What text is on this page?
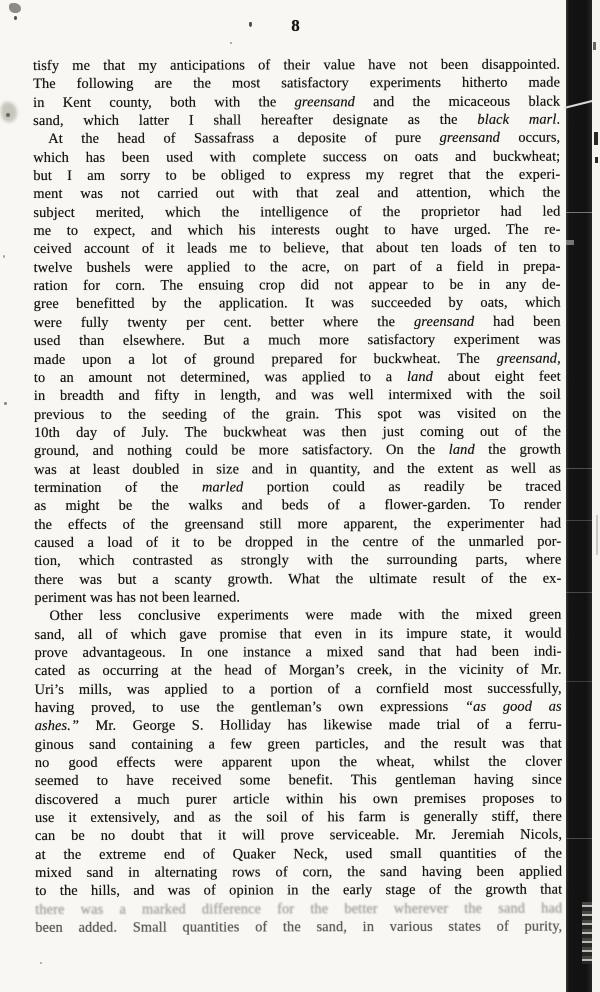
8
tisfy me that my anticipations of their value have not been disappointed.
The following are the most satisfactory experiments hitherto made
in Kent county, both with the greensand and the micaceous black
sand, which latter I shall hereafter designate as the black marl.
At the head of Sassafrass a deposite of pure greensand occurs,
which has been used with complete success on oats and buckwheat;
but I am sorry to be obliged to express my regret that the experi-
ment was not carried out with that zeal and attention, which the
subject merited, which the intelligence of the proprietor had led
me to expect, and which his interests ought to have urged. The re-
ceived account of it leads me to believe, that about ten loads of ten to
twelve bushels were applied to the acre, on part of a field in prepa-
ration for corn. The ensuing crop did not appear to be in any de-
gree benefitted by the application. It was succeeded by oats, which
were fully twenty per cent. better where the greensand had been
used than elsewhere. But a much more satisfactory experiment was
made upon a lot of ground prepared for buckwheat. The greensand,
to an amount not determined, was applied to a land about eight feet
in breadth and fifty in length, and was well intermixed with the soil
previous to the seeding of the grain. This spot was visited on the
10th day of July. The buckwheat was then just coming out of the
ground, and nothing could be more satisfactory. On the land the growth
was at least doubled in size and in quantity, and the extent as well as
termination of the marled portion could as readily be traced
as might be the walks and beds of a flower-garden. To render
the effects of the greensand still more apparent, the experimenter had
caused a load of it to be dropped in the centre of the unmarled por-
tion, which contrasted as strongly with the surrounding parts, where
there was but a scanty growth. What the ultimate result of the ex-
periment was has not been learned.
Other less conclusive experiments were made with the mixed green
sand, all of which gave promise that even in its impure state, it would
prove advantageous. In one instance a mixed sand that had been indi-
cated as occurring at the head of Morgan’s creek, in the vicinity of Mr.
Uri’s mills, was applied to a portion of a cornfield most successfully,
having proved, to use the gentleman’s own expressions “as good as
ashes.” Mr. George S. Holliday has likewise made trial of a ferru-
ginous sand containing a few green particles, and the result was that
no good effects were apparent upon the wheat, whilst the clover
seemed to have received some benefit. This gentleman having since
discovered a much purer article within his own premises proposes to
use it extensively, and as the soil of his farm is generally stiff, there
can be no doubt that it will prove serviceable. Mr. Jeremiah Nicols,
at the extreme end of Quaker Neck, used small quantities of the
mixed sand in alternating rows of corn, the sand having been applied
to the hills, and was of opinion in the early stage of the growth that
there was a marked difference for the better wherever the sand had
been added. Small quantities of the sand, in various states of purity,
